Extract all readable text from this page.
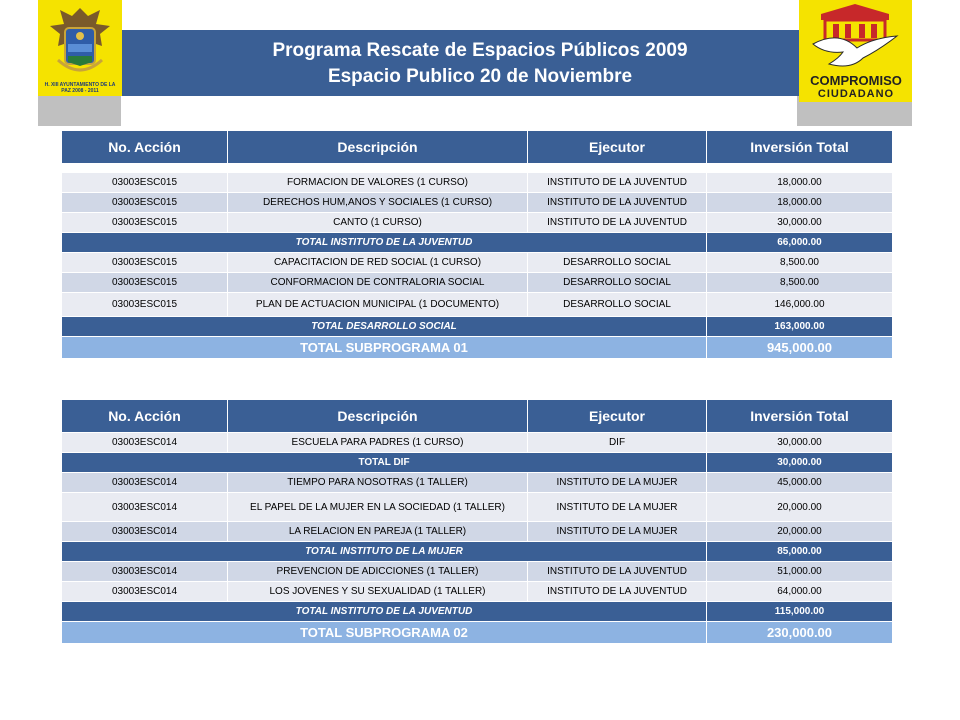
H. XIII AYUNTAMIENTO DE LA PAZ 2008 - 2011
COMPROMISO
CIUDADANO
Programa Rescate de Espacios Públicos 2009
Espacio Publico 20 de Noviembre
No. Acción	Descripción	Ejecutor	Inversión Total

03003ESC015	FORMACION DE VALORES (1 CURSO)	INSTITUTO DE LA JUVENTUD	18,000.00
03003ESC015	DERECHOS HUM,ANOS Y SOCIALES (1 CURSO)	INSTITUTO DE LA JUVENTUD	18,000.00
03003ESC015	CANTO (1 CURSO)	INSTITUTO DE LA JUVENTUD	30,000.00
TOTAL INSTITUTO DE LA JUVENTUD			66,000.00
03003ESC015	CAPACITACION DE RED SOCIAL (1 CURSO)	DESARROLLO SOCIAL	8,500.00
03003ESC015	CONFORMACION DE CONTRALORIA SOCIAL	DESARROLLO SOCIAL	8,500.00
03003ESC015	PLAN DE ACTUACION MUNICIPAL (1 DOCUMENTO)	DESARROLLO SOCIAL	146,000.00
TOTAL DESARROLLO SOCIAL			163,000.00
TOTAL SUBPROGRAMA 01			945,000.00
No. Acción	Descripción	Ejecutor	Inversión Total
03003ESC014	ESCUELA PARA PADRES (1 CURSO)	DIF	30,000.00
TOTAL DIF			30,000.00
03003ESC014	TIEMPO PARA NOSOTRAS (1 TALLER)	INSTITUTO DE LA MUJER	45,000.00
03003ESC014	EL PAPEL DE LA MUJER EN LA SOCIEDAD (1 TALLER)	INSTITUTO DE LA MUJER	20,000.00
03003ESC014	LA RELACION EN PAREJA (1 TALLER)	INSTITUTO DE LA MUJER	20,000.00
TOTAL INSTITUTO DE LA MUJER			85,000.00
03003ESC014	PREVENCION DE ADICCIONES (1 TALLER)	INSTITUTO DE LA JUVENTUD	51,000.00
03003ESC014	LOS JOVENES Y SU SEXUALIDAD (1 TALLER)	INSTITUTO DE LA JUVENTUD	64,000.00
TOTAL INSTITUTO DE LA JUVENTUD			115,000.00
TOTAL SUBPROGRAMA 02			230,000.00
